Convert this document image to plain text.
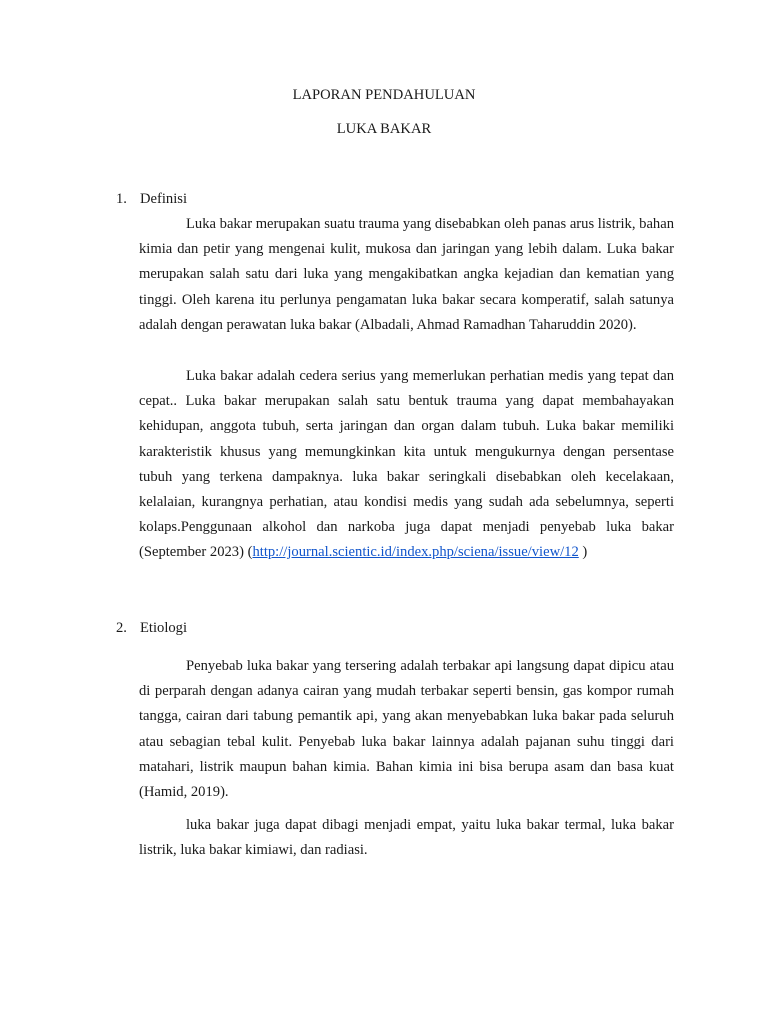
LAPORAN PENDAHULUAN
LUKA BAKAR
1. Definisi

Luka bakar merupakan suatu trauma yang disebabkan oleh panas arus listrik, bahan kimia dan petir yang mengenai kulit, mukosa dan jaringan yang lebih dalam. Luka bakar merupakan salah satu dari luka yang mengakibatkan angka kejadian dan kematian yang tinggi. Oleh karena itu perlunya pengamatan luka bakar secara komperatif, salah satunya adalah dengan perawatan luka bakar (Albadali, Ahmad Ramadhan Taharuddin 2020).

Luka bakar adalah cedera serius yang memerlukan perhatian medis yang tepat dan cepat.. Luka bakar merupakan salah satu bentuk trauma yang dapat membahayakan kehidupan, anggota tubuh, serta jaringan dan organ dalam tubuh. Luka bakar memiliki karakteristik khusus yang memungkinkan kita untuk mengukurnya dengan persentase tubuh yang terkena dampaknya. luka bakar seringkali disebabkan oleh kecelakaan, kelalaian, kurangnya perhatian, atau kondisi medis yang sudah ada sebelumnya, seperti kolaps.Penggunaan alkohol dan narkoba juga dapat menjadi penyebab luka bakar (September 2023) (http://journal.scientic.id/index.php/sciena/issue/view/12 )

2. Etiologi

Penyebab luka bakar yang tersering adalah terbakar api langsung dapat dipicu atau di perparah dengan adanya cairan yang mudah terbakar seperti bensin, gas kompor rumah tangga, cairan dari tabung pemantik api, yang akan menyebabkan luka bakar pada seluruh atau sebagian tebal kulit. Penyebab luka bakar lainnya adalah pajanan suhu tinggi dari matahari, listrik maupun bahan kimia. Bahan kimia ini bisa berupa asam dan basa kuat (Hamid, 2019).

luka bakar juga dapat dibagi menjadi empat, yaitu luka bakar termal, luka bakar listrik, luka bakar kimiawi, dan radiasi.
